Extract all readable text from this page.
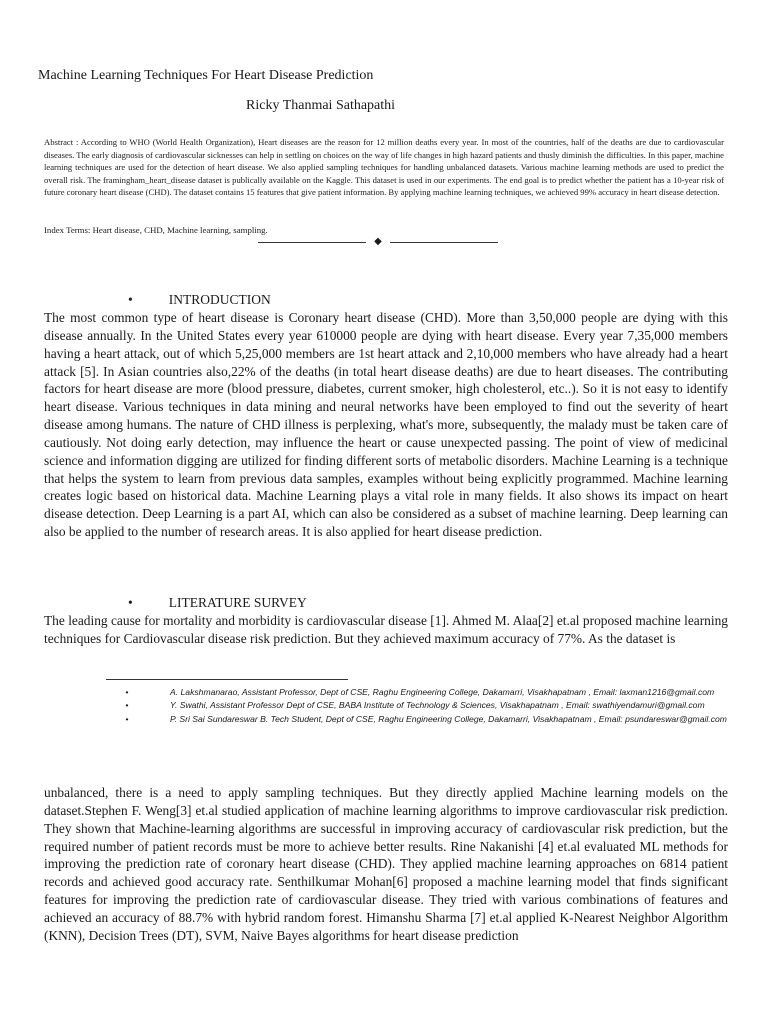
Machine Learning Techniques For Heart Disease Prediction
Ricky Thanmai Sathapathi
Abstract : According to WHO (World Health Organization), Heart diseases are the reason for 12 million deaths every year. In most of the countries, half of the deaths are due to cardiovascular diseases. The early diagnosis of cardiovascular sicknesses can help in settling on choices on the way of life changes in high hazard patients and thusly diminish the difficulties. In this paper, machine learning techniques are used for the detection of heart disease. We also applied sampling techniques for handling unbalanced datasets. Various machine learning methods are used to predict the overall risk. The framingham_heart_disease dataset is publically available on the Kaggle. This dataset is used in our experiments. The end goal is to predict whether the patient has a 10-year risk of future coronary heart disease (CHD). The dataset contains 15 features that give patient information. By applying machine learning techniques, we achieved 99% accuracy in heart disease detection.
Index Terms: Heart disease, CHD, Machine learning, sampling.
◆
•	INTRODUCTION
The most common type of heart disease is Coronary heart disease (CHD). More than 3,50,000 people are dying with this disease annually. In the United States every year 610000 people are dying with heart disease. Every year 7,35,000 members having a heart attack, out of which 5,25,000 members are 1st heart attack and 2,10,000 members who have already had a heart attack [5]. In Asian countries also,22% of the deaths (in total heart disease deaths) are due to heart diseases. The contributing factors for heart disease are more (blood pressure, diabetes, current smoker, high cholesterol, etc..). So it is not easy to identify heart disease. Various techniques in data mining and neural networks have been employed to find out the severity of heart disease among humans. The nature of CHD illness is perplexing, what's more, subsequently, the malady must be taken care of cautiously. Not doing early detection, may influence the heart or cause unexpected passing. The point of view of medicinal science and information digging are utilized for finding different sorts of metabolic disorders. Machine Learning is a technique that helps the system to learn from previous data samples, examples without being explicitly programmed. Machine learning creates logic based on historical data. Machine Learning plays a vital role in many fields. It also shows its impact on heart disease detection. Deep Learning is a part AI, which can also be considered as a subset of machine learning. Deep learning can also be applied to the number of research areas. It is also applied for heart disease prediction.
•	LITERATURE SURVEY
The leading cause for mortality and morbidity is cardiovascular disease [1]. Ahmed M. Alaa[2] et.al proposed machine learning techniques for Cardiovascular disease risk prediction. But they achieved maximum accuracy of 77%. As the dataset is
•	A. Lakshmanarao, Assistant Professor, Dept of CSE, Raghu Engineering College, Dakamarri, Visakhapatnam , Email: laxman1216@gmail.com
•	Y. Swathi, Assistant Professor Dept of CSE, BABA Institute of Technology & Sciences, Visakhapatnam , Email: swathiyendamuri@gmail.com
•	P. Sri Sai Sundareswar B. Tech Student, Dept of CSE, Raghu Engineering College, Dakamarri, Visakhapatnam , Email: psundareswar@gmail.com
unbalanced, there is a need to apply sampling techniques. But they directly applied Machine learning models on the dataset.Stephen F. Weng[3] et.al studied application of machine learning algorithms to improve cardiovascular risk prediction. They shown that Machine-learning algorithms are successful in improving accuracy of cardiovascular risk prediction, but the required number of patient records must be more to achieve better results. Rine Nakanishi [4] et.al evaluated ML methods for improving the prediction rate of coronary heart disease (CHD). They applied machine learning approaches on 6814 patient records and achieved good accuracy rate. Senthilkumar Mohan[6] proposed a machine learning model that finds significant features for improving the prediction rate of cardiovascular disease. They tried with various combinations of features and achieved an accuracy of 88.7% with hybrid random forest. Himanshu Sharma [7] et.al applied K-Nearest Neighbor Algorithm (KNN), Decision Trees (DT), SVM, Naive Bayes algorithms for heart disease prediction
